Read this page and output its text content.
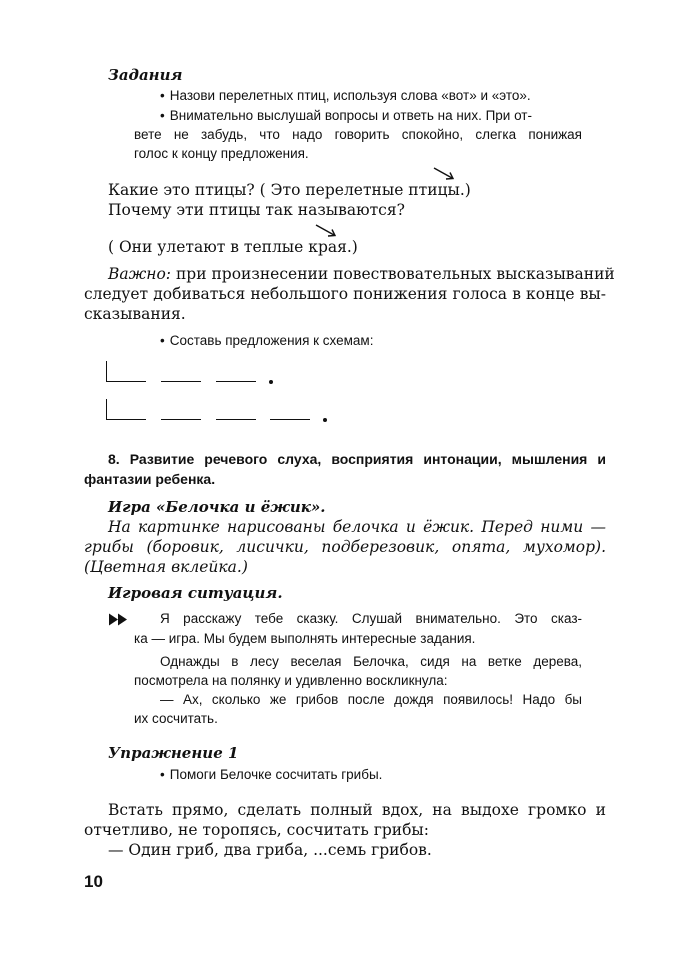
Задания
• Назови перелетных птиц, используя слова «вот» и «это».
• Внимательно выслушай вопросы и ответь на них. При от-
вете не забудь, что надо говорить спокойно, слегка понижая
голос к концу предложения.
Какие это птицы? ( Это перелетные пти
цы.)
Почему эти птицы так называются?
( Они улетают в теплые к
рая.)
Важно: при произнесении повествовательных высказываний
следует добиваться небольшого понижения голоса в конце вы-
сказывания.
• Составь предложения к схемам:
8. Развитие речевого слуха, восприятия интонации, мышления и
фантазии ребенка.
Игра «Белочка и ёжик».
На картинке нарисованы белочка и ёжик. Перед ними —
грибы (боровик, лисички, подберезовик, опята, мухомор).
(Цветная вклейка.)
Игровая ситуация.
Я расскажу тебе сказку. Слушай внимательно. Это сказ-
ка — игра. Мы будем выполнять интересные задания.
Однажды в лесу веселая Белочка, сидя на ветке дерева,
посмотрела на полянку и удивленно воскликнула:
— Ах, сколько же грибов после дождя появилось! Надо бы
их сосчитать.
Упражнение 1
• Помоги Белочке сосчитать грибы.
Встать прямо, сделать полный вдох, на выдохе громко и
отчетливо, не торопясь, сосчитать грибы:
— Один гриб, два гриба, ...семь грибов.
10
